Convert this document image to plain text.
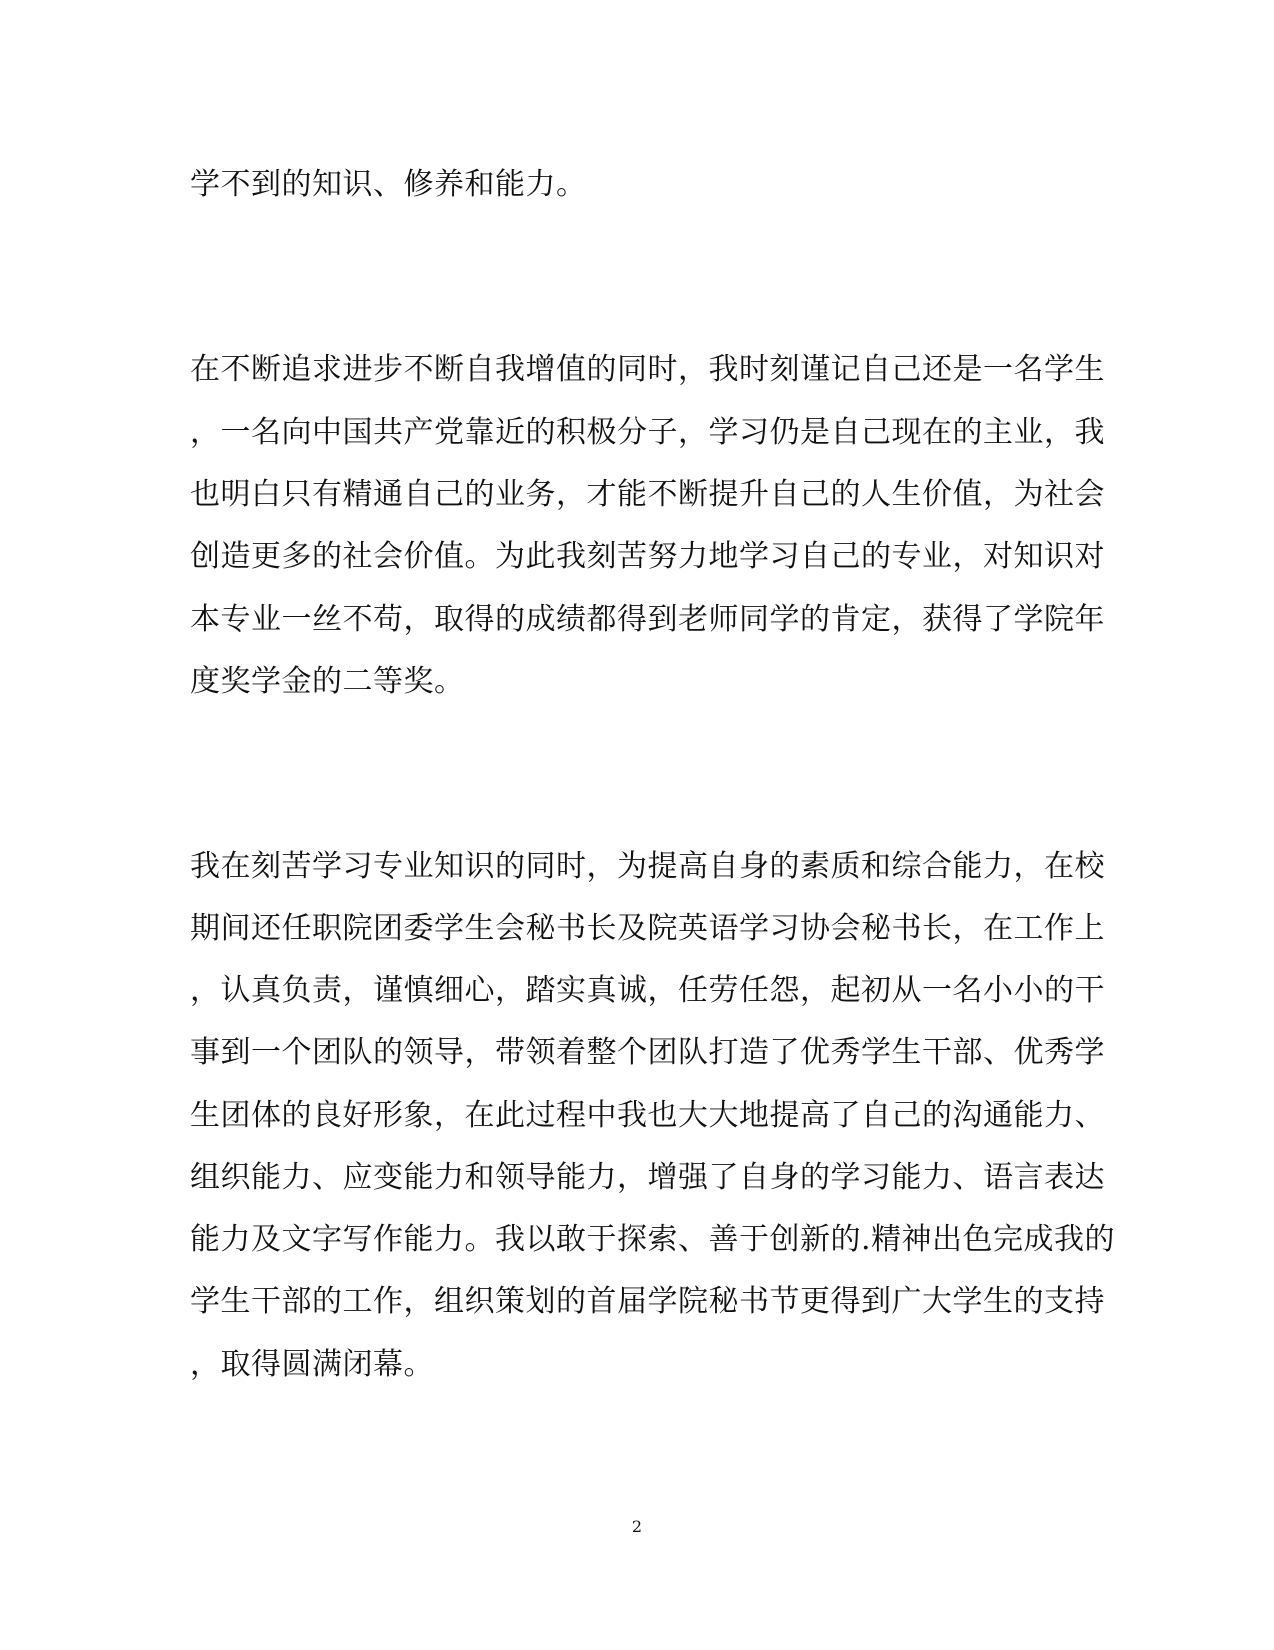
学不到的知识、修养和能力。
在不断追求进步不断自我增值的同时，我时刻谨记自己还是一名学生
，一名向中国共产党靠近的积极分子，学习仍是自己现在的主业，我
也明白只有精通自己的业务，才能不断提升自己的人生价值，为社会
创造更多的社会价值。为此我刻苦努力地学习自己的专业，对知识对
本专业一丝不苟，取得的成绩都得到老师同学的肯定，获得了学院年
度奖学金的二等奖。
我在刻苦学习专业知识的同时，为提高自身的素质和综合能力，在校
期间还任职院团委学生会秘书长及院英语学习协会秘书长，在工作上
，认真负责，谨慎细心，踏实真诚，任劳任怨，起初从一名小小的干
事到一个团队的领导，带领着整个团队打造了优秀学生干部、优秀学
生团体的良好形象，在此过程中我也大大地提高了自己的沟通能力、
组织能力、应变能力和领导能力，增强了自身的学习能力、语言表达
能力及文字写作能力。我以敢于探索、善于创新的.精神出色完成我的
学生干部的工作，组织策划的首届学院秘书节更得到广大学生的支持
，取得圆满闭幕。
2
